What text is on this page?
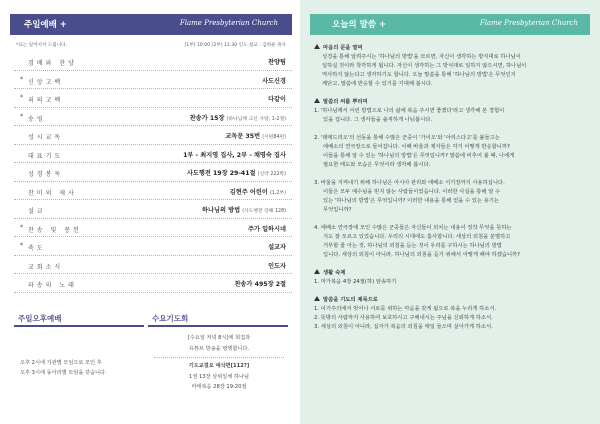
주일예배 +	Flame Presbyterian Church
*표는 일어서서 드립니다.	[1부] 10:00 [2부] 11:30 인도.설교 : 김하운 목사
경배와 찬양	찬양팀
* 신앙고백	사도신경
* 죄의고백	다같이
* 송영	찬송가 15장 (하나님께 크신 사랑, 1-2절)
성시교독	교독문 35번 (시편84편)
대표기도	1부 - 최지영 집사, 2부 - 채영숙 집사
성경봉독	사도행전 19장 29-41절 (신약 222쪽)
찬미의 제사	김현주 어린이 (1,2부)
설교	하나님의 방법 (사도행전 강해 128)
* 찬송 및 봉헌	주가 일하시네
* 축도	설교자
교회소식	인도자
파송의 노래	찬송가 495장 2절
주일오후예배	수요기도회
오후 2시에 기관별 모임으로 모인 후
오후 3시에 동아리별 모임을 갖습니다.
[수요일 저녁 8시]에 희집과
유튜브 방송을 병행합니다.
기도교결요 예삭편[112?]
1권 13장 삼위일체 하나님
마태복음 28장 19-20절
오늘의 말씀 +	Flame Presbyterian Church

마음의 문을 열며

성경을 통해 알려주시는 '하나님의 방법'을 모르면, 자신이 생각하는 방식대로 하나님이

일하실 것이라 착각하게 됩니다. 자신이 생각하는 그 방식대로 일하지 않으시면, 하나님이

역사하지 않는다고 생각하기도 합니다. 오늘 말씀을 통해 '하나님의 방법'은 무엇인지

깨닫고, 말씀에 반응할 수 있기를 기대해 봅시다.

말씀의 씨를 뿌리며

1. '하나님께서 이런 방법으로 나의 삶에 복음 주시면 좋겠다'라고 생각해 본 경험이

있을 겁니다. 그 생각들을 솔직하게 나눠봅시다.

2. '데메드리오'의 선동을 통해 수많은 군중이 '가이오'와 '아리스다고'를 붙들고는

에베소의 연극장으로 들어갑니다. 이때 바울과 제자들은 각기 어떻게 반응합니까?

이들을 통해 알 수 있는 '하나님의 방법'은 무엇입니까? 말씀에 비추어 볼 때, 나에게

필요한 태도와 모습은 무엇이라 생각해 봅시다.

3. 바울을 지켜내기 위해 하나님은 아시아 관리와 에베소 서기장까지 사용하십니다.

이들은 모두 예수님을 믿지 않는 사람들이었습니다. 이러한 사실을 통해 알 수

있는 '하나님의 방법'은 무엇입니까? 이러한 내용을 통해 얻을 수 있는 용기는

무엇입니까?

4. 에베소 연극장에 모인 수많은 군중들은 자신들이 외치는 내용이 정작 무엇을 뜻하는

지도 잘 모르고 있었습니다. 우리의 시대에도 흡사합니다. 세상의 외침을 분별하고

거부할 줄 아는 것, 하나님의 외침을 듣는 것이 우리를 구하시는 하나님의 방법

입니다. 세상의 외침이 아니라, 하나님의 외침을 듣기 위해서 어떻게 해야 하겠습니까?

생활 숙제

1. 마가복음 4장 24절(하) 암송하기

말씀을 기도의 제목으로

1. 이기주의에서 벗어나 서로를 위하는 마음을 갖게 됨으로 복을 누리게 하소서.

2. 뜻밖의 사람까지 사용하여 보호하시고 구해내시는 주님을 신뢰하게 하소서.

3. 세상의 외침이 아니라, 십자가 복음의 외침을 매일 들으며 살아가게 하소서.
